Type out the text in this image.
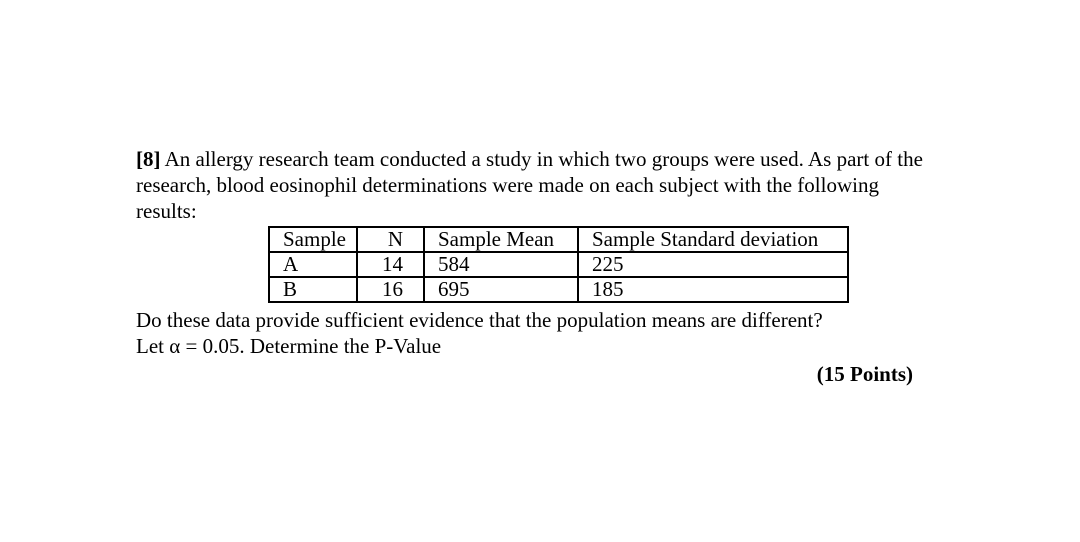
[8] An allergy research team conducted a study in which two groups were used. As part of the research, blood eosinophil determinations were made on each subject with the following results:

Sample	N	Sample Mean	Sample Standard deviation
A	14	584	225
B	16	695	185

Do these data provide sufficient evidence that the population means are different?

Let α = 0.05. Determine the P-Value

(15 Points)
